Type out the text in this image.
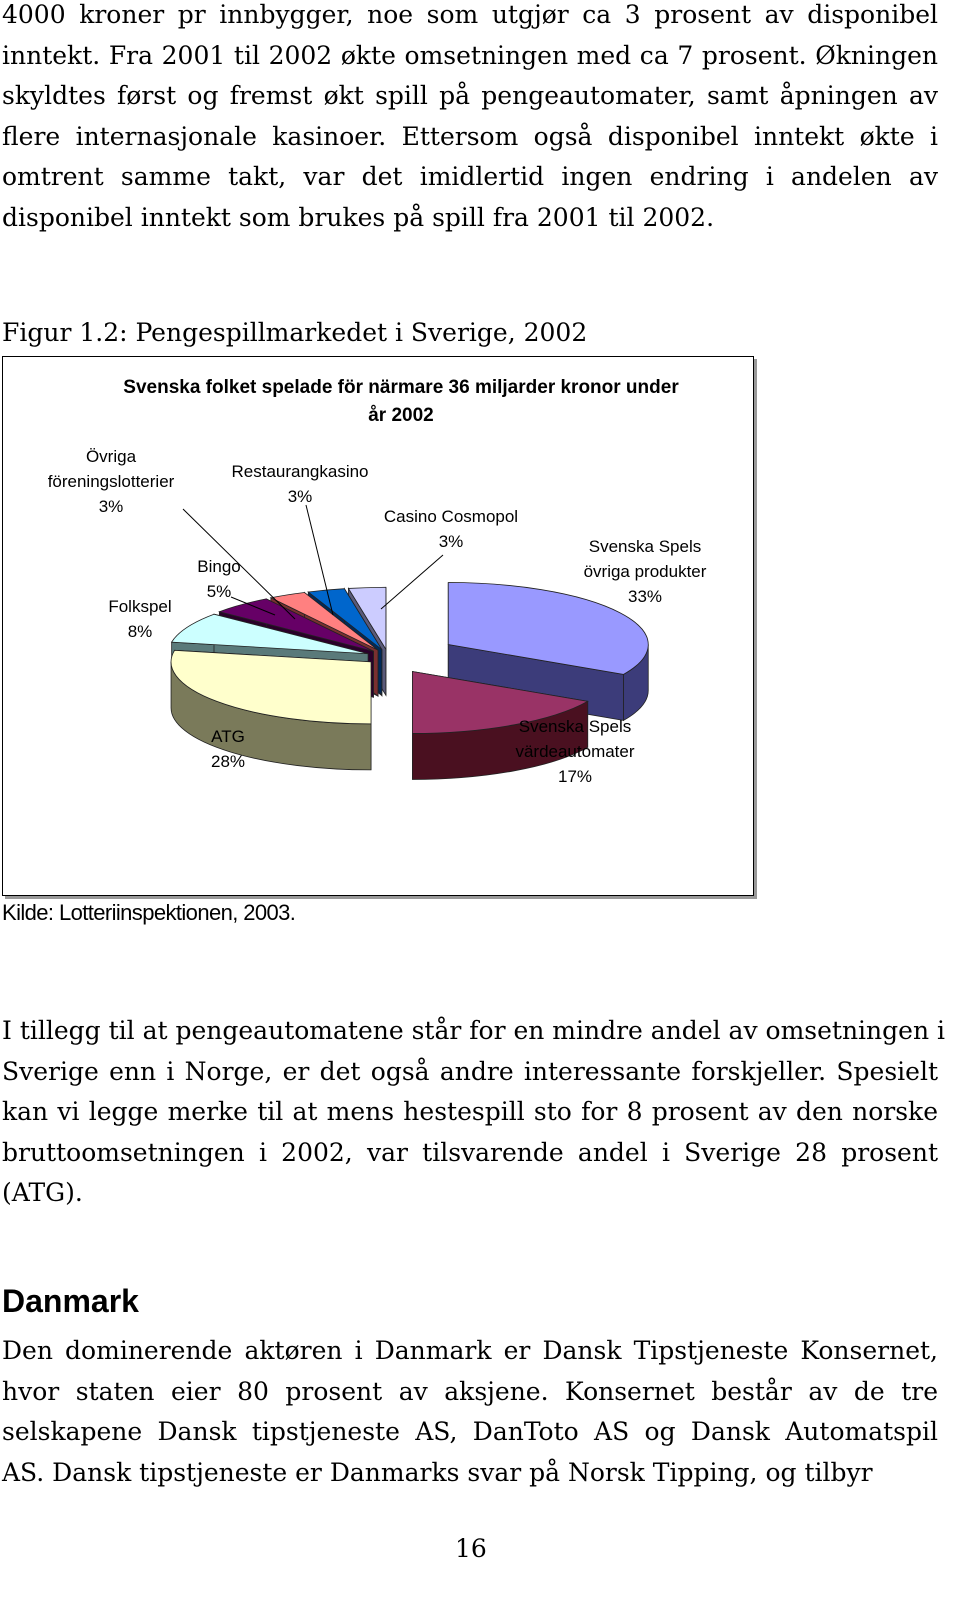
4000 kroner pr innbygger, noe som utgjør ca 3 prosent av disponibel
inntekt. Fra 2001 til 2002 økte omsetningen med ca 7 prosent. Økningen
skyldtes først og fremst økt spill på pengeautomater, samt åpningen av
flere internasjonale kasinoer. Ettersom også disponibel inntekt økte i
omtrent samme takt, var det imidlertid ingen endring i andelen av
disponibel inntekt som brukes på spill fra 2001 til 2002.

Figur 1.2: Pengespillmarkedet i Sverige, 2002

Svenska folket spelade för närmare 36 miljarder kronor under
år 2002
Svenska Spels
övriga produkter
33%
Svenska Spels
värdeautomater
17%
ATG
28%
Folkspel
8%
Bingo
5%
Övriga
föreningslotterier
3%
Restaurangkasino
3%
Casino Cosmopol
3%

Kilde: Lotteriinspektionen, 2003.

I tillegg til at pengeautomatene står for en mindre andel av omsetningen i
Sverige enn i Norge, er det også andre interessante forskjeller. Spesielt
kan vi legge merke til at mens hestespill sto for 8 prosent av den norske
bruttoomsetningen i 2002, var tilsvarende andel i Sverige 28 prosent
(ATG).
Danmark
Den dominerende aktøren i Danmark er Dansk Tipstjeneste Konsernet,
hvor staten eier 80 prosent av aksjene. Konsernet består av de tre
selskapene Dansk tipstjeneste AS, DanToto AS og Dansk Automatspil
AS. Dansk tipstjeneste er Danmarks svar på Norsk Tipping, og tilbyr

16
